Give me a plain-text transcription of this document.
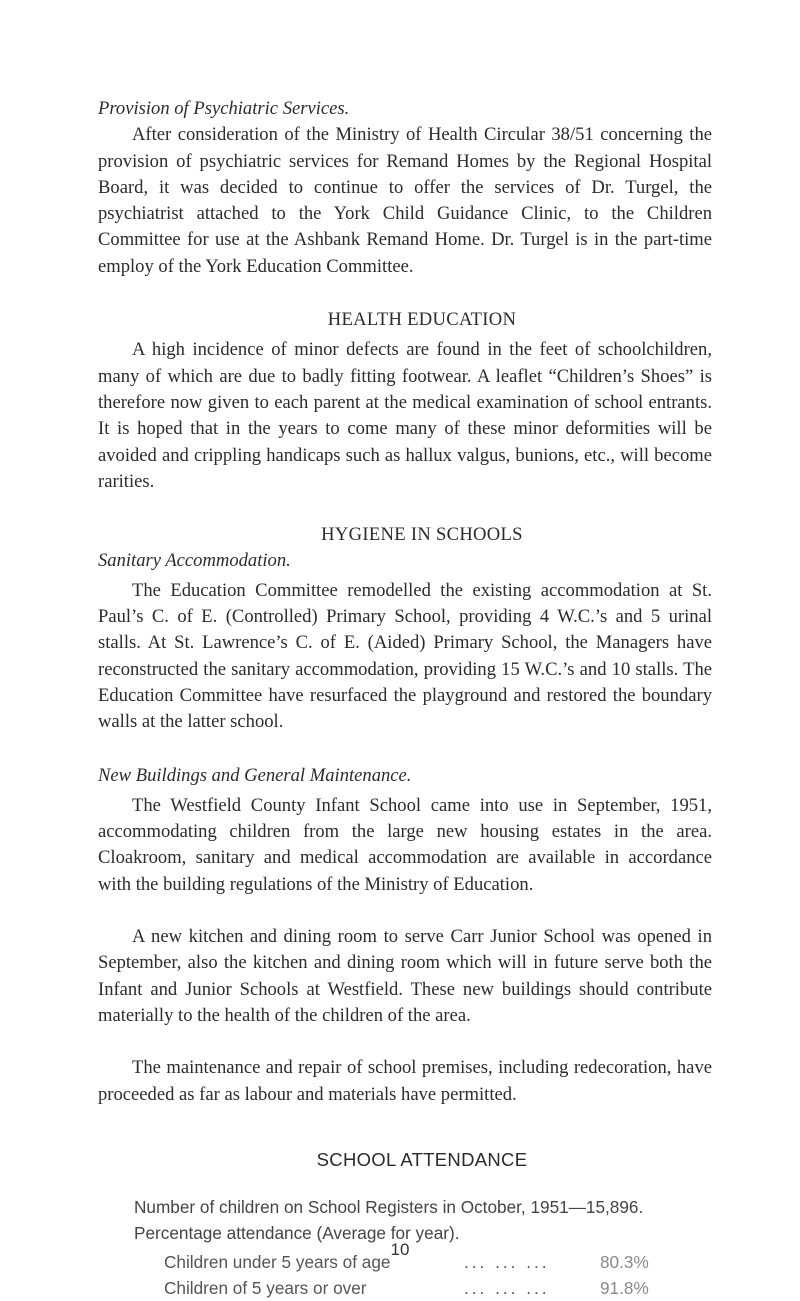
Provision of Psychiatric Services.

After consideration of the Ministry of Health Circular 38/51 concerning the provision of psychiatric services for Remand Homes by the Regional Hospital Board, it was decided to continue to offer the services of Dr. Turgel, the psychiatrist attached to the York Child Guidance Clinic, to the Children Committee for use at the Ashbank Remand Home. Dr. Turgel is in the part-time employ of the York Education Committee.

HEALTH EDUCATION

A high incidence of minor defects are found in the feet of schoolchildren, many of which are due to badly fitting footwear. A leaflet “Children’s Shoes” is therefore now given to each parent at the medical examination of school entrants. It is hoped that in the years to come many of these minor deformities will be avoided and crippling handicaps such as hallux valgus, bunions, etc., will become rarities.

HYGIENE IN SCHOOLS

Sanitary Accommodation.

The Education Committee remodelled the existing accommodation at St. Paul’s C. of E. (Controlled) Primary School, providing 4 W.C.’s and 5 urinal stalls. At St. Lawrence’s C. of E. (Aided) Primary School, the Managers have reconstructed the sanitary accommodation, providing 15 W.C.’s and 10 stalls. The Education Committee have resurfaced the playground and restored the boundary walls at the latter school.

New Buildings and General Maintenance.

The Westfield County Infant School came into use in September, 1951, accommodating children from the large new housing estates in the area. Cloakroom, sanitary and medical accommodation are available in accordance with the building regulations of the Ministry of Education.

A new kitchen and dining room to serve Carr Junior School was opened in September, also the kitchen and dining room which will in future serve both the Infant and Junior Schools at Westfield. These new buildings should contribute materially to the health of the children of the area.

The maintenance and repair of school premises, including redecoration, have proceeded as far as labour and materials have permitted.

SCHOOL ATTENDANCE

Number of children on School Registers in October, 1951—15,896.

Percentage attendance (Average for year).

Children under 5 years of age	... ... ...	80.3%
Children of 5 years or over	... ... ...	91.8%
10
